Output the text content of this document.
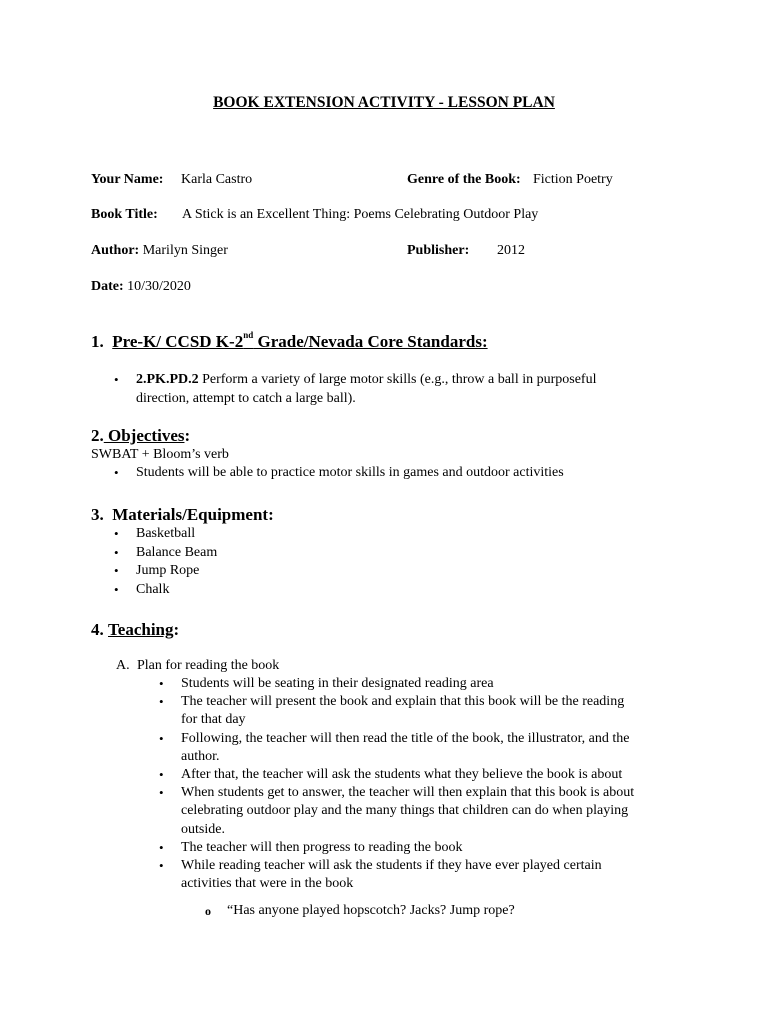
BOOK EXTENSION ACTIVITY - LESSON PLAN
Your Name: Karla Castro	Genre of the Book: Fiction Poetry
Book Title: A Stick is an Excellent Thing: Poems Celebrating Outdoor Play
Author: Marilyn Singer	Publisher: 2012
Date: 10/30/2020
1. Pre-K/ CCSD K-2nd Grade/Nevada Core Standards:
• 2.PK.PD.2 Perform a variety of large motor skills (e.g., throw a ball in purposeful
direction, attempt to catch a large ball).
2. Objectives:
SWBAT + Bloom’s verb
• Students will be able to practice motor skills in games and outdoor activities
3. Materials/Equipment:
• Basketball
• Balance Beam
• Jump Rope
• Chalk
4. Teaching:
A. Plan for reading the book
• Students will be seating in their designated reading area
• The teacher will present the book and explain that this book will be the reading
for that day
• Following, the teacher will then read the title of the book, the illustrator, and the
author.
• After that, the teacher will ask the students what they believe the book is about
• When students get to answer, the teacher will then explain that this book is about
celebrating outdoor play and the many things that children can do when playing
outside.
• The teacher will then progress to reading the book
• While reading teacher will ask the students if they have ever played certain
activities that were in the book
o “Has anyone played hopscotch? Jacks? Jump rope?
